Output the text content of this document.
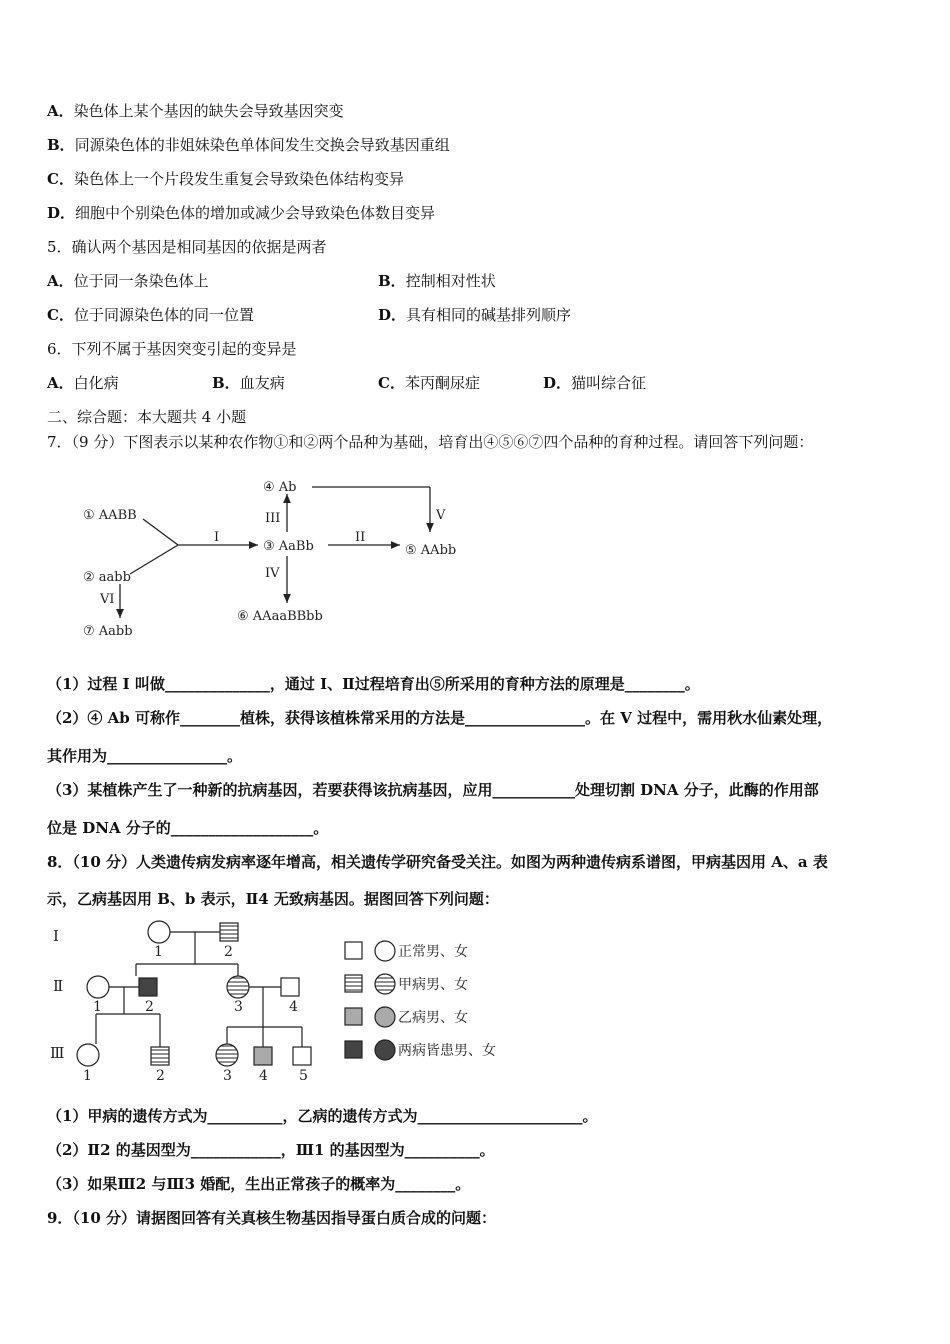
A．染色体上某个基因的缺失会导致基因突变
B．同源染色体的非姐妹染色单体间发生交换会导致基因重组
C．染色体上一个片段发生重复会导致染色体结构变异
D．细胞中个别染色体的增加或减少会导致染色体数目变异
5．确认两个基因是相同基因的依据是两者
A．位于同一条染色体上	B．控制相对性状
C．位于同源染色体的同一位置	D．具有相同的碱基排列顺序
6．下列不属于基因突变引起的变异是
A．白化病	B．血友病	C．苯丙酮尿症	D．猫叫综合征
二、综合题：本大题共 4 小题
7．（9 分）下图表示以某种农作物①和②两个品种为基础，培育出④⑤⑥⑦四个品种的育种过程。请回答下列问题：
① AABB
② aabb
③ AaBb
④ Ab
⑤ AAbb
⑥ AAaaBBbb
⑦ Aabb
I	II
III
IV
V
VI
（1）过程 I 叫做______________，通过 I、Ⅱ过程培育出⑤所采用的育种方法的原理是________。
（2）④ Ab 可称作________植株，获得该植株常采用的方法是________________。在 V 过程中，需用秋水仙素处理，
其作用为________________。
（3）某植株产生了一种新的抗病基因，若要获得该抗病基因，应用___________处理切割 DNA 分子，此酶的作用部
位是 DNA 分子的___________________。
8．（10 分）人类遗传病发病率逐年增高，相关遗传学研究备受关注。如图为两种遗传病系谱图，甲病基因用 A、a 表
示，乙病基因用 B、b 表示，Ⅱ4 无致病基因。据图回答下列问题：
Ⅰ
Ⅱ
Ⅲ
1	2
1	2	3	4
1	2	3 4 5
正常男、女
甲病男、女
乙病男、女
两病皆患男、女
（1）甲病的遗传方式为__________，乙病的遗传方式为______________________。
（2）Ⅱ2 的基因型为____________，Ⅲ1 的基因型为__________。
（3）如果Ⅲ2 与Ⅲ3 婚配，生出正常孩子的概率为________。
9．（10 分）请据图回答有关真核生物基因指导蛋白质合成的问题：
